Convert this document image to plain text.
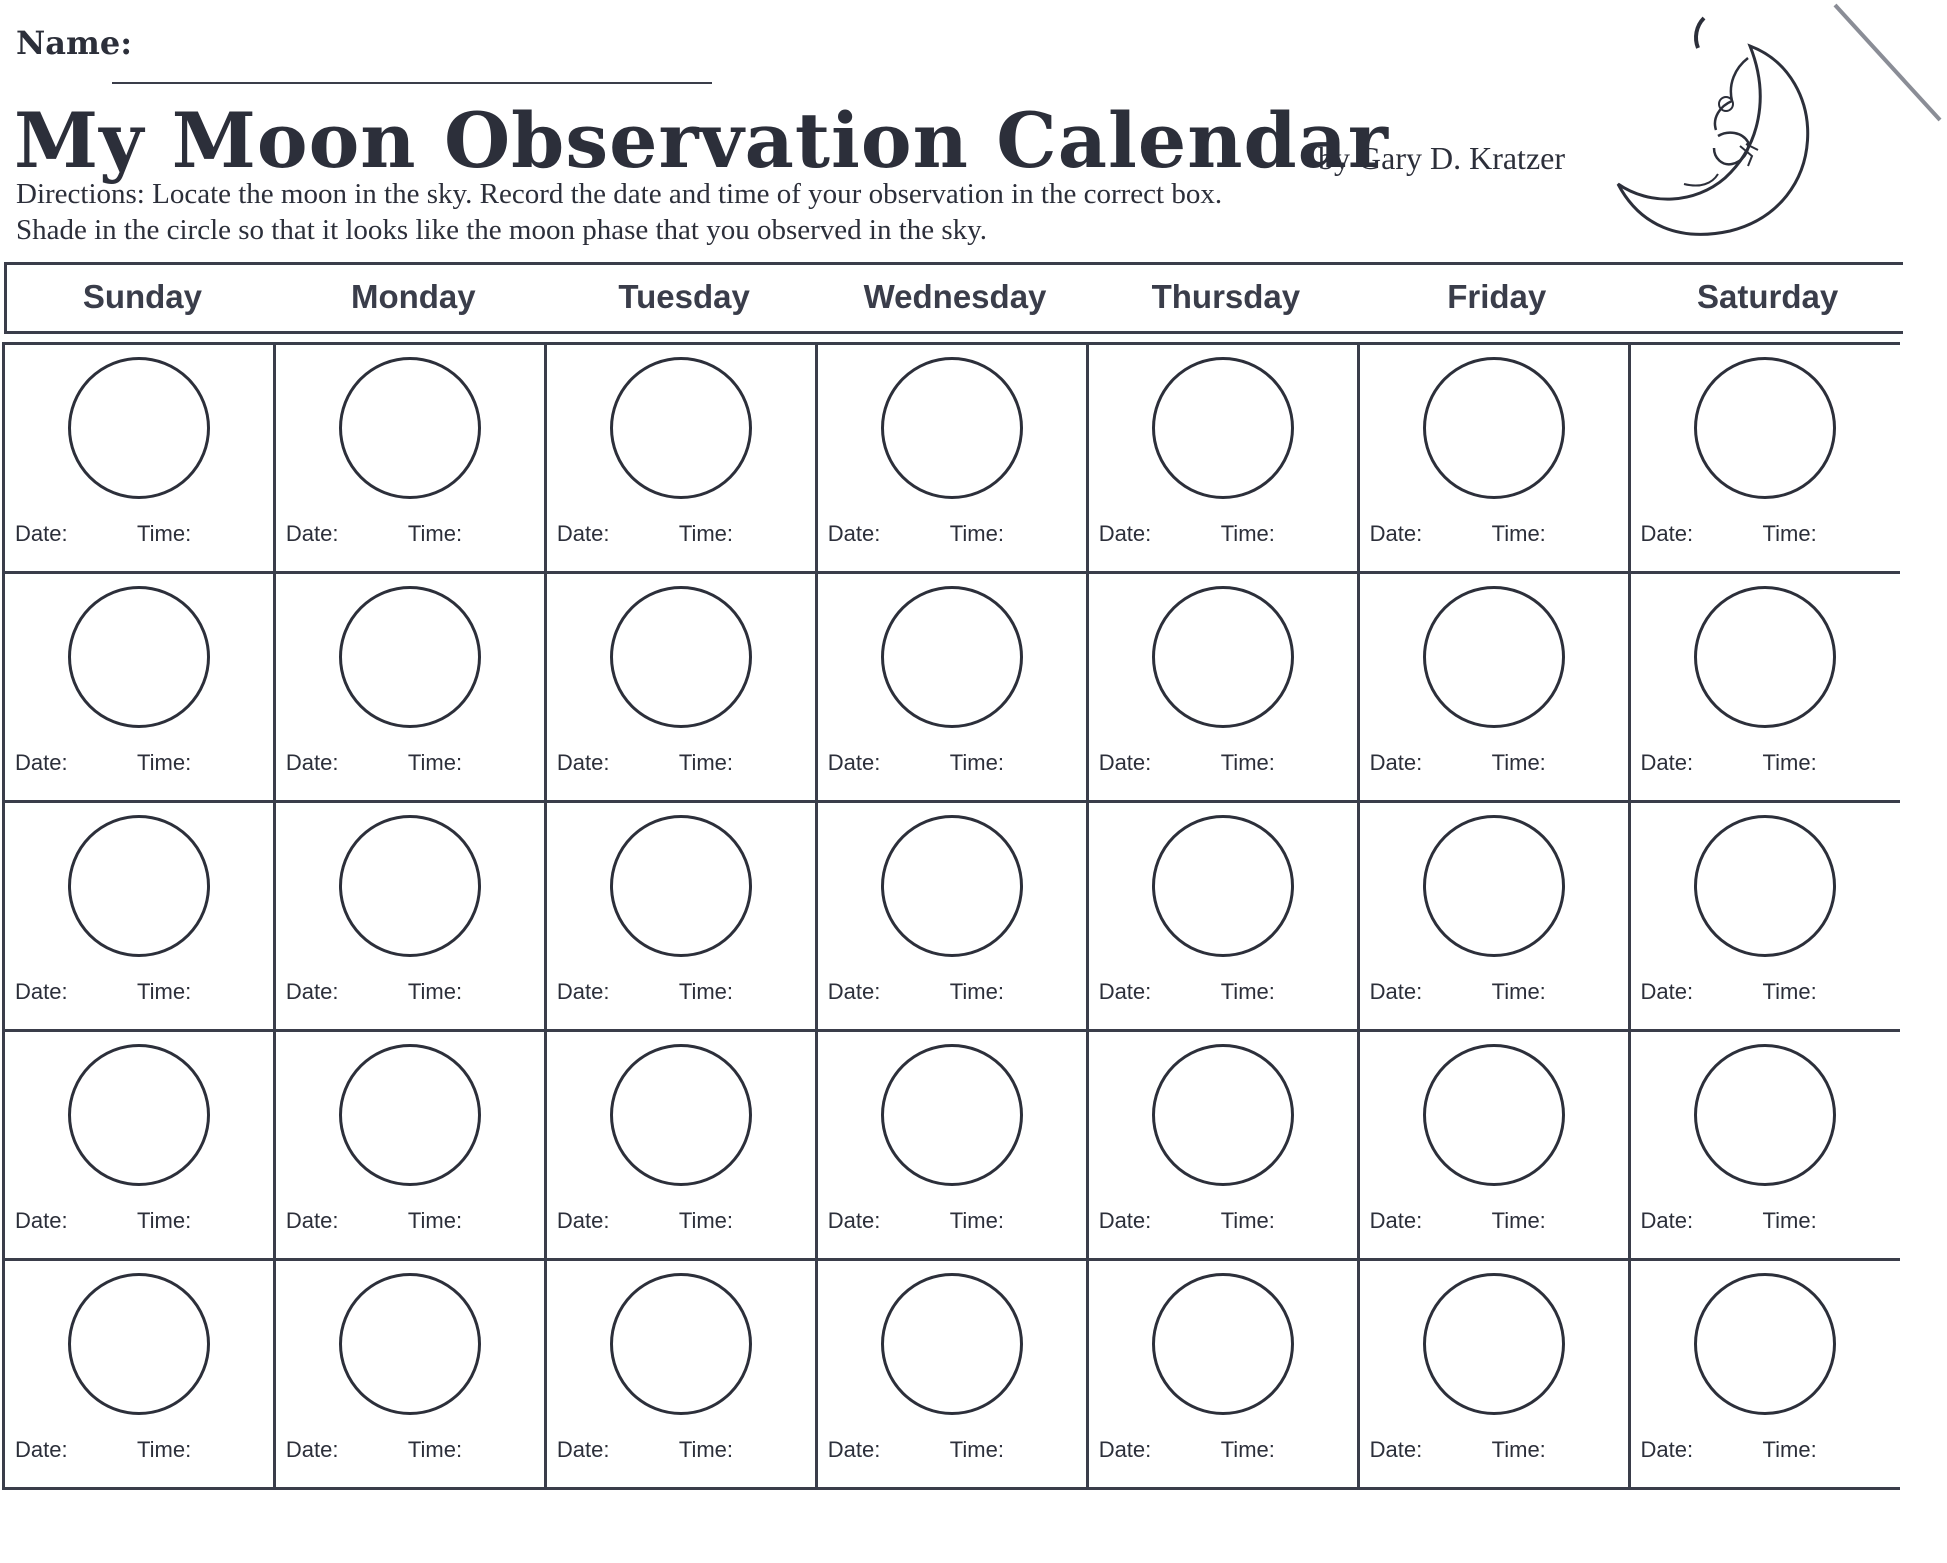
Name:
My Moon Observation Calendar
by Gary D. Kratzer
Directions: Locate the moon in the sky. Record the date and time of your observation in the correct box. Shade in the circle so that it looks like the moon phase that you observed in the sky.
Sunday	Monday	Tuesday	Wednesday	Thursday	Friday	Saturday
Date: Time:	Date: Time:	Date: Time:	Date: Time:	Date: Time:	Date: Time:	Date: Time:

Date: Time:	Date: Time:	Date: Time:	Date: Time:	Date: Time:	Date: Time:	Date: Time:

Date: Time:	Date: Time:	Date: Time:	Date: Time:	Date: Time:	Date: Time:	Date: Time:

Date: Time:	Date: Time:	Date: Time:	Date: Time:	Date: Time:	Date: Time:	Date: Time:

Date: Time:	Date: Time:	Date: Time:	Date: Time:	Date: Time:	Date: Time:	Date: Time:
